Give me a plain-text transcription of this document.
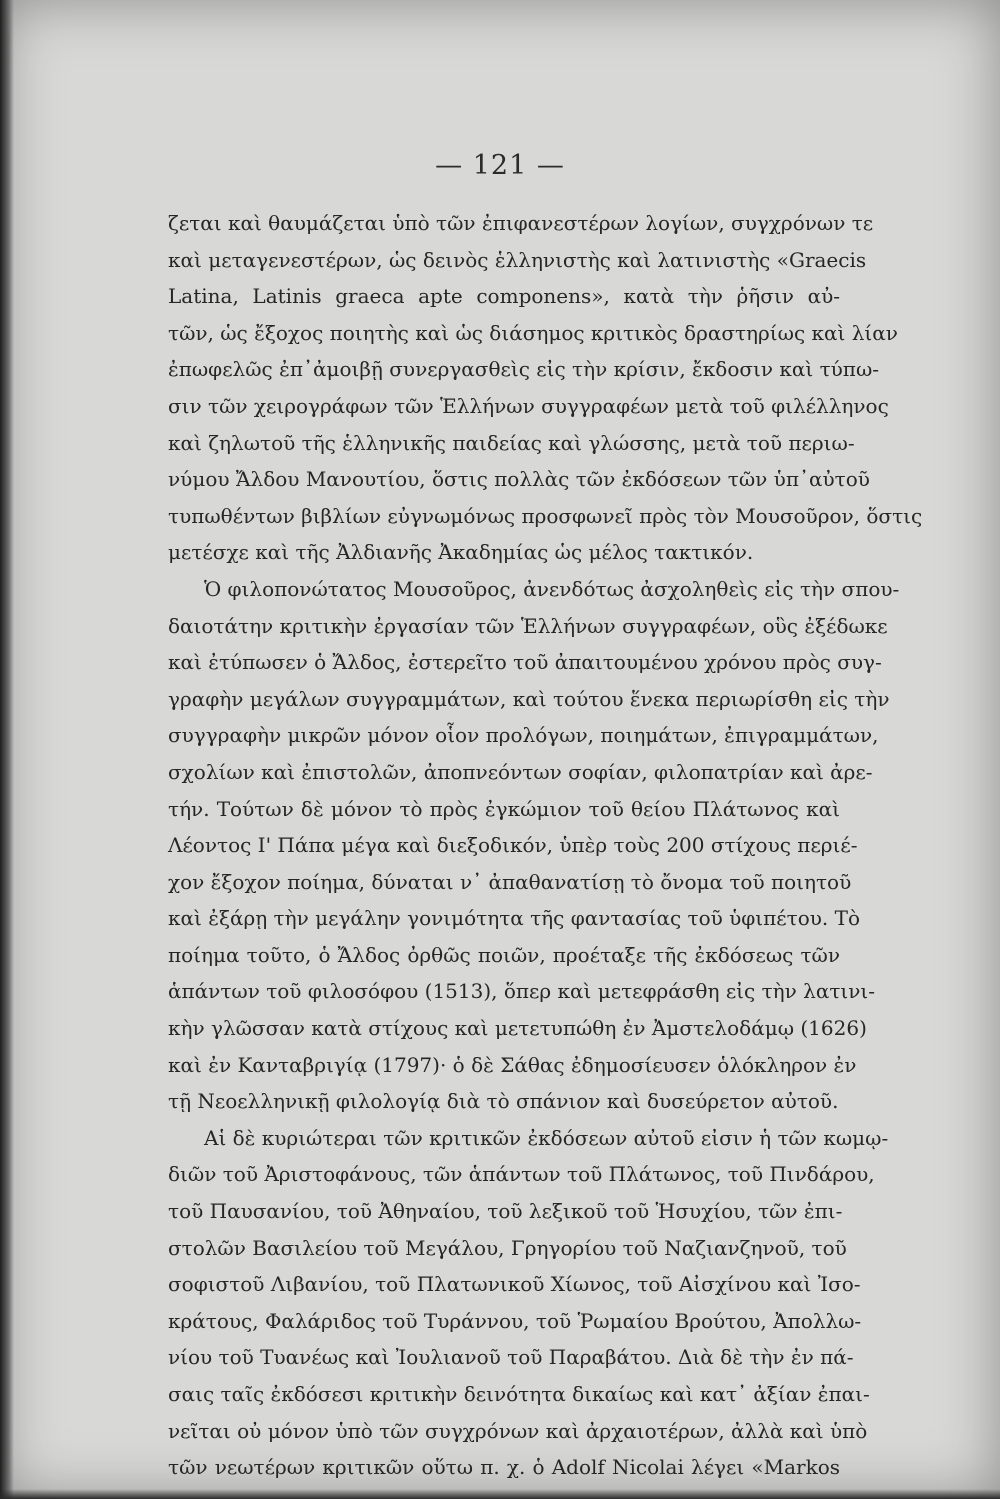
— 121 —
ζεται καὶ θαυμάζεται ὑπὸ τῶν ἐπιφανεστέρων λογίων, συγχρόνων τε
καὶ μεταγενεστέρων, ὡς δεινὸς ἑλληνιστὴς καὶ λατινιστὴς «Graecis
Latina, Latinis graeca apte componens», κατὰ τὴν ῥῆσιν αὐ-
τῶν, ὡς ἔξοχος ποιητὴς καὶ ὡς διάσημος κριτικὸς δραστηρίως καὶ λίαν
ἐπωφελῶς ἐπ᾽ἀμοιβῇ συνεργασθεὶς εἰς τὴν κρίσιν, ἔκδοσιν καὶ τύπω-
σιν τῶν χειρογράφων τῶν Ἑλλήνων συγγραφέων μετὰ τοῦ φιλέλληνος
καὶ ζηλωτοῦ τῆς ἑλληνικῆς παιδείας καὶ γλώσσης, μετὰ τοῦ περιω-
νύμου Ἄλδου Μανουτίου, ὅστις πολλὰς τῶν ἐκδόσεων τῶν ὑπ᾽αὐτοῦ
τυπωθέντων βιβλίων εὐγνωμόνως προσφωνεῖ πρὸς τὸν Μουσοῦρον, ὅστις
μετέσχε καὶ τῆς Ἀλδιανῆς Ἀκαδημίας ὡς μέλος τακτικόν.
Ὁ φιλοπονώτατος Μουσοῦρος, ἀνενδότως ἀσχοληθεὶς εἰς τὴν σπου-
δαιοτάτην κριτικὴν ἐργασίαν τῶν Ἑλλήνων συγγραφέων, οὓς ἐξέδωκε
καὶ ἐτύπωσεν ὁ Ἄλδος, ἐστερεῖτο τοῦ ἀπαιτουμένου χρόνου πρὸς συγ-
γραφὴν μεγάλων συγγραμμάτων, καὶ τούτου ἕνεκα περιωρίσθη εἰς τὴν
συγγραφὴν μικρῶν μόνον οἷον προλόγων, ποιημάτων, ἐπιγραμμάτων,
σχολίων καὶ ἐπιστολῶν, ἀποπνεόντων σοφίαν, φιλοπατρίαν καὶ ἀρε-
τήν. Τούτων δὲ μόνον τὸ πρὸς ἐγκώμιον τοῦ θείου Πλάτωνος καὶ
Λέοντος Ι' Πάπα μέγα καὶ διεξοδικόν, ὑπὲρ τοὺς 200 στίχους περιέ-
χον ἔξοχον ποίημα, δύναται ν᾽ ἀπαθανατίσῃ τὸ ὄνομα τοῦ ποιητοῦ
καὶ ἐξάρῃ τὴν μεγάλην γονιμότητα τῆς φαντασίας τοῦ ὑφιπέτου. Τὸ
ποίημα τοῦτο, ὁ Ἄλδος ὀρθῶς ποιῶν, προέταξε τῆς ἐκδόσεως τῶν
ἁπάντων τοῦ φιλοσόφου (1513), ὅπερ καὶ μετεφράσθη εἰς τὴν λατινι-
κὴν γλῶσσαν κατὰ στίχους καὶ μετετυπώθη ἐν Ἀμστελοδάμῳ (1626)
καὶ ἐν Κανταβριγίᾳ (1797)· ὁ δὲ Σάθας ἐδημοσίευσεν ὁλόκληρον ἐν
τῇ Νεοελληνικῇ φιλολογίᾳ διὰ τὸ σπάνιον καὶ δυσεύρετον αὐτοῦ.
Αἱ δὲ κυριώτεραι τῶν κριτικῶν ἐκδόσεων αὐτοῦ εἰσιν ἡ τῶν κωμῳ-
διῶν τοῦ Ἀριστοφάνους, τῶν ἁπάντων τοῦ Πλάτωνος, τοῦ Πινδάρου,
τοῦ Παυσανίου, τοῦ Ἀθηναίου, τοῦ λεξικοῦ τοῦ Ἡσυχίου, τῶν ἐπι-
στολῶν Βασιλείου τοῦ Μεγάλου, Γρηγορίου τοῦ Ναζιανζηνοῦ, τοῦ
σοφιστοῦ Λιβανίου, τοῦ Πλατωνικοῦ Χίωνος, τοῦ Αἰσχίνου καὶ Ἰσο-
κράτους, Φαλάριδος τοῦ Τυράννου, τοῦ Ῥωμαίου Βρούτου, Ἀπολλω-
νίου τοῦ Τυανέως καὶ Ἰουλιανοῦ τοῦ Παραβάτου. Διὰ δὲ τὴν ἐν πά-
σαις ταῖς ἐκδόσεσι κριτικὴν δεινότητα δικαίως καὶ κατ᾽ ἀξίαν ἐπαι-
νεῖται οὐ μόνον ὑπὸ τῶν συγχρόνων καὶ ἀρχαιοτέρων, ἀλλὰ καὶ ὑπὸ
τῶν νεωτέρων κριτικῶν οὕτω π. χ. ὁ Adolf Nicolai λέγει «Markos
